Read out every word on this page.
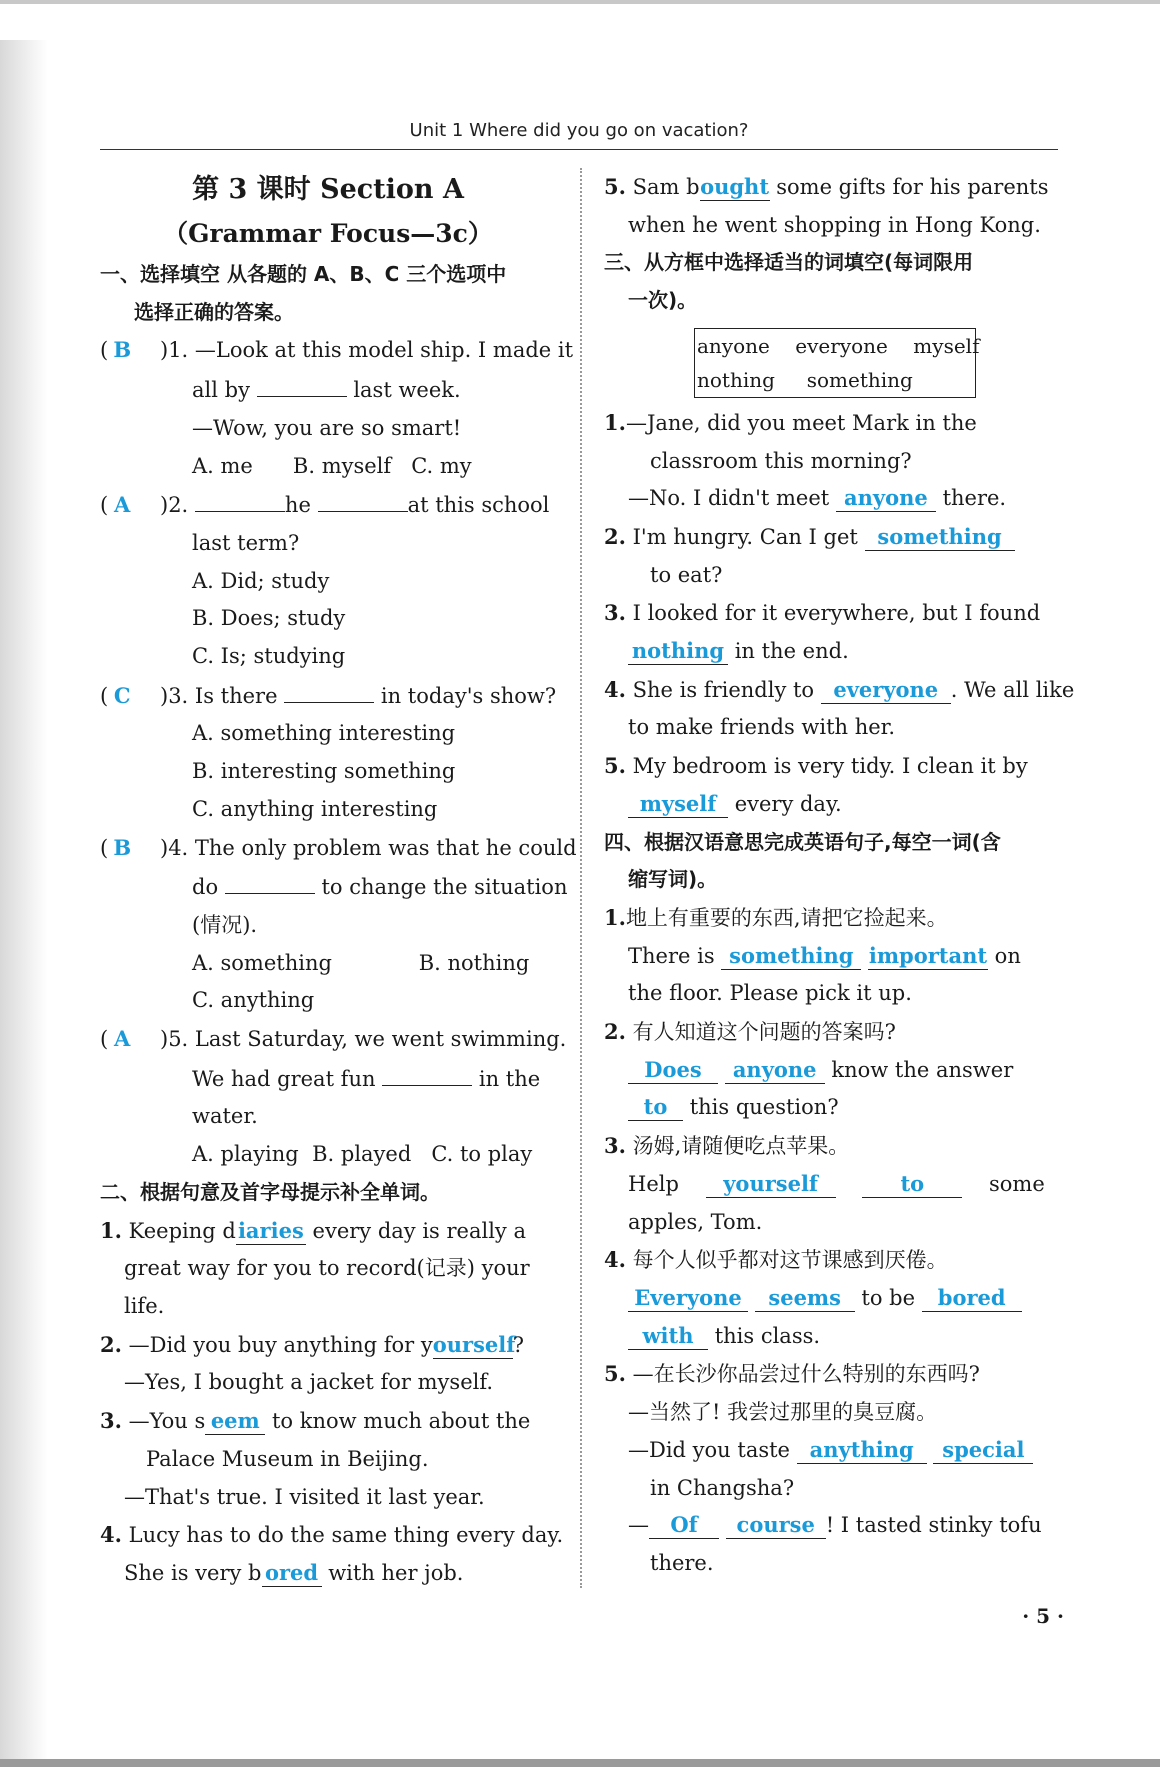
Unit 1 Where did you go on vacation?
第 3 课时 Section A
（Grammar Focus—3c）
一、选择填空 从各题的 A、B、C 三个选项中
选择正确的答案。
( B )1. —Look at this model ship. I made it
all by	last week.
—Wow, you are so smart!
A. me      B. myself   C. my
( A )2.	he	at this school
last term?
A. Did; study
B. Does; study
C. Is; studying
( C )3. Is there	in today's show?
A. something interesting
B. interesting something
C. anything interesting
( B )4. The only problem was that he could
do	to change the situation
(情况).
A. something             B. nothing
C. anything
( A )5. Last Saturday, we went swimming.
We had great fun	in the
water.
A. playing  B. played   C. to play
二、根据句意及首字母提示补全单词。
1. Keeping diaries every day is really a
great way for you to record(记录) your
life.
2. —Did you buy anything for yourself?
—Yes, I bought a jacket for myself.
3. —You s eem to know much about the
Palace Museum in Beijing.
—That's true. I visited it last year.
4. Lucy has to do the same thing every day.
She is very b ored with her job.
5. Sam bought some gifts for his parents
when he went shopping in Hong Kong.
三、从方框中选择适当的词填空(每词限用
一次)。
anyone    everyone    myself
nothing     something
1.—Jane, did you meet Mark in the
classroom this morning?
—No. I didn't meet anyone there.
2. I'm hungry. Can I get something
to eat?
3. I looked for it everywhere, but I found
nothing in the end.
4. She is friendly to everyone . We all like
to make friends with her.
5. My bedroom is very tidy. I clean it by
myself every day.
四、根据汉语意思完成英语句子,每空一词(含
缩写词)。
1.地上有重要的东西,请把它捡起来。
There is something important on
the floor. Please pick it up.
2. 有人知道这个问题的答案吗?
Does anyone know the answer
to this question?
3. 汤姆,请随便吃点苹果。
Help yourself	to	some
apples, Tom.
4. 每个人似乎都对这节课感到厌倦。
Everyone seems to be bored
with this class.
5. —在长沙你品尝过什么特别的东西吗?
—当然了! 我尝过那里的臭豆腐。
—Did you taste anything special
in Changsha?
— Of course ! I tasted stinky tofu
there.
· 5 ·
